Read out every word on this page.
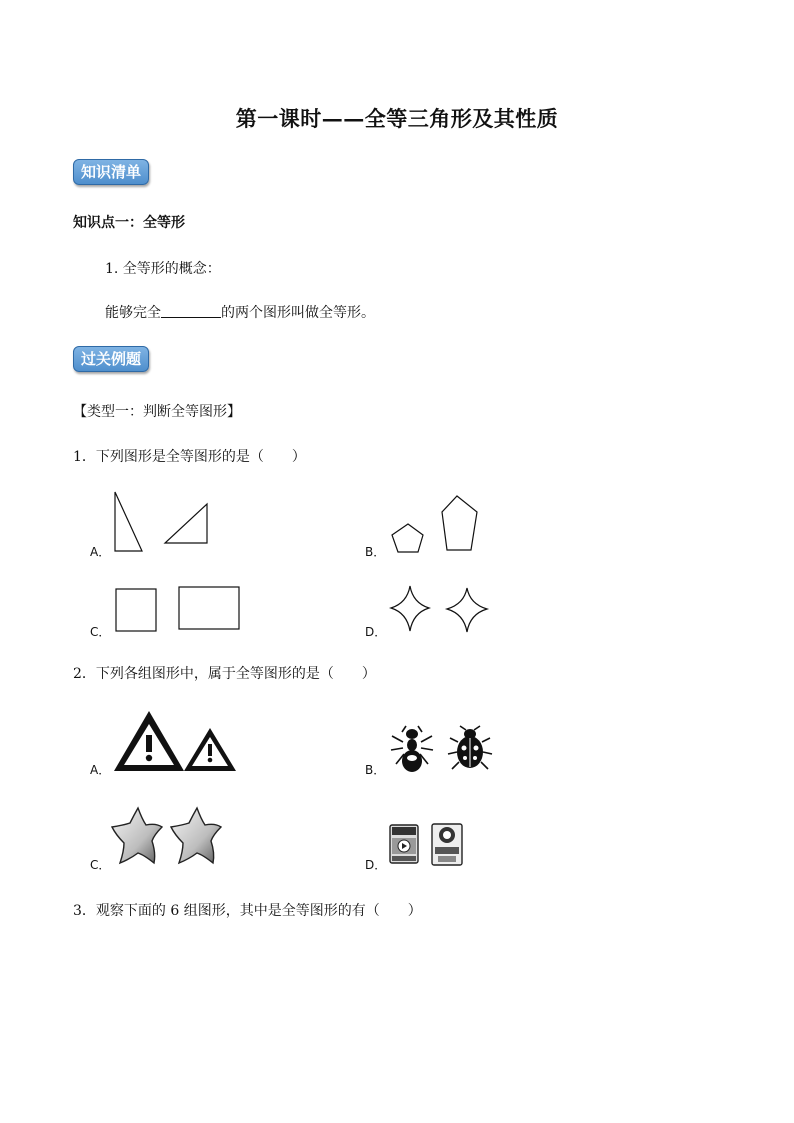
第一课时——全等三角形及其性质
知识清单
知识点一：全等形
1. 全等形的概念：
能够完全	的两个图形叫做全等形。
过关例题
【类型一：判断全等图形】
1．下列图形是全等图形的是（　　）
A．	B．
C．	D．
2．下列各组图形中，属于全等图形的是（　　）
A．	B．
C．	D．
3．观察下面的 6 组图形，其中是全等图形的有（　　）
